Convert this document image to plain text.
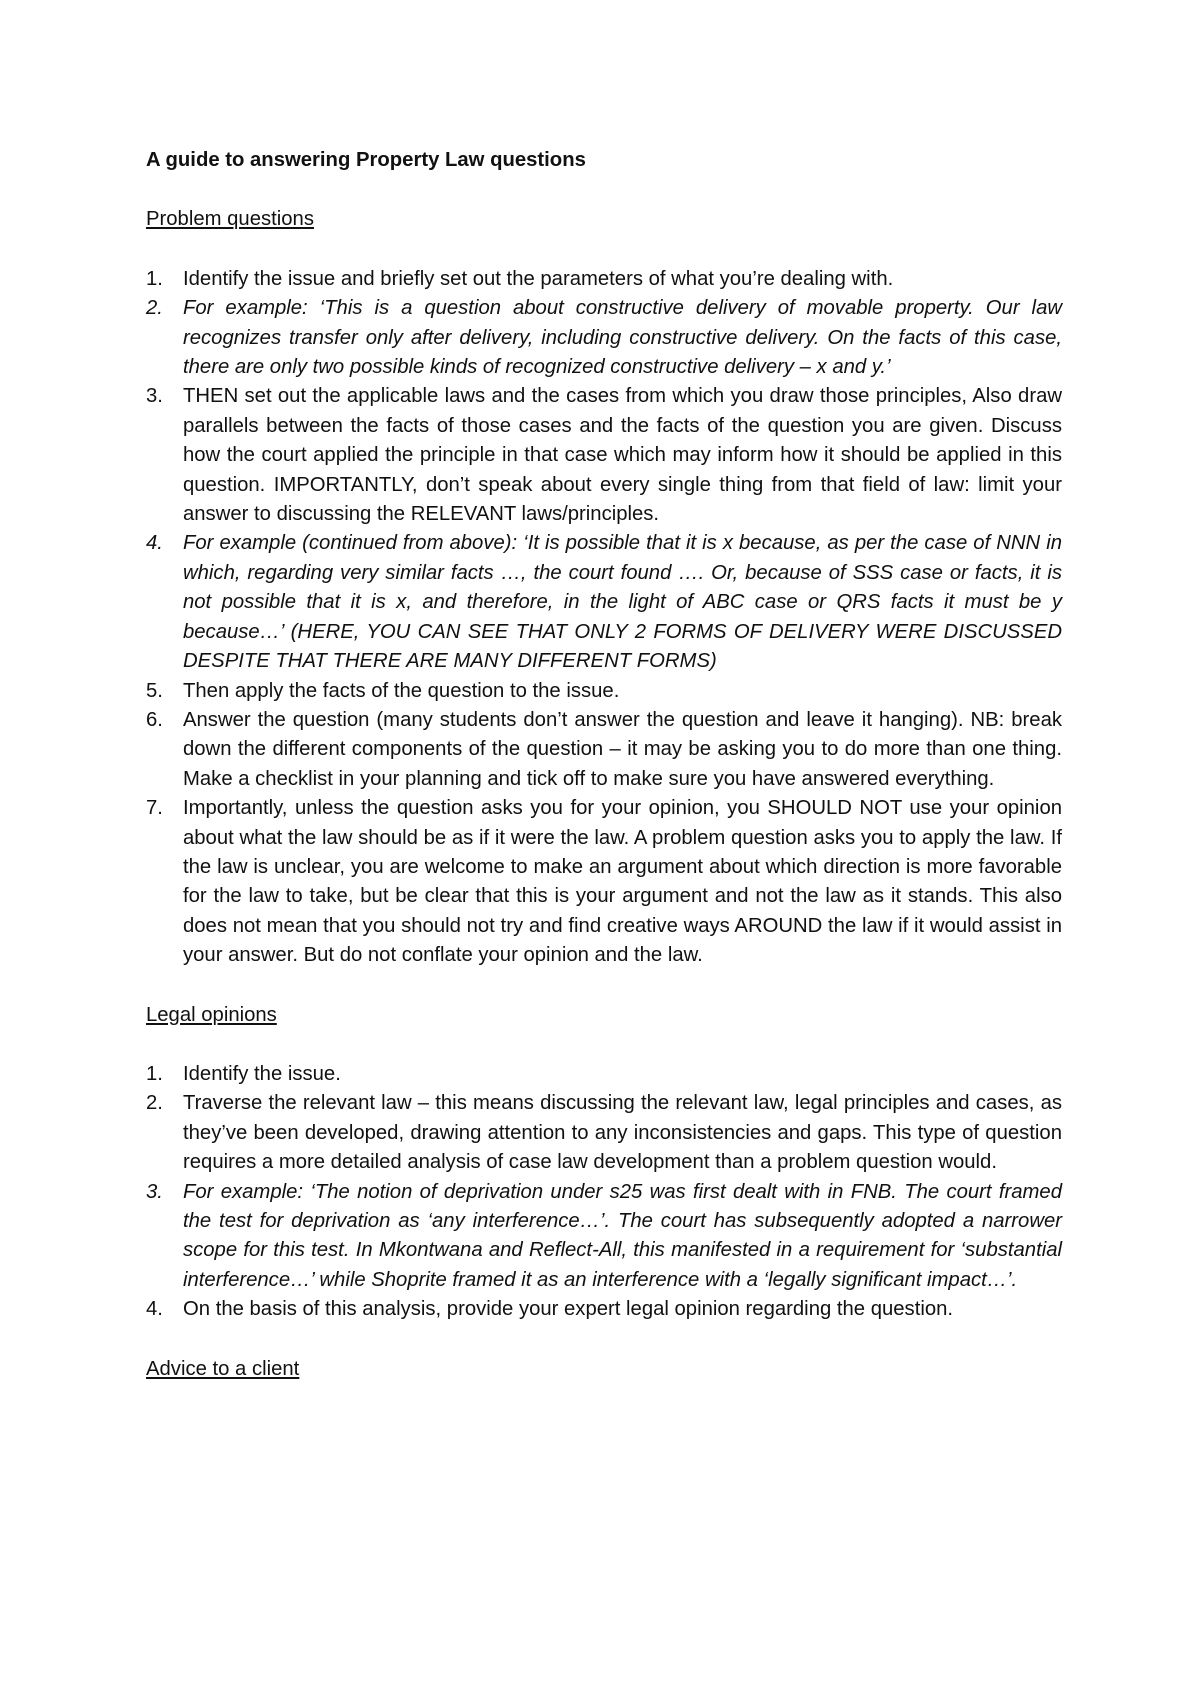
A guide to answering Property Law questions
Problem questions
1. Identify the issue and briefly set out the parameters of what you’re dealing with.
2. For example: ‘This is a question about constructive delivery of movable property. Our law recognizes transfer only after delivery, including constructive delivery. On the facts of this case, there are only two possible kinds of recognized constructive delivery – x and y.’
3. THEN set out the applicable laws and the cases from which you draw those principles, Also draw parallels between the facts of those cases and the facts of the question you are given. Discuss how the court applied the principle in that case which may inform how it should be applied in this question. IMPORTANTLY, don’t speak about every single thing from that field of law: limit your answer to discussing the RELEVANT laws/principles.
4. For example (continued from above): ‘It is possible that it is x because, as per the case of NNN in which, regarding very similar facts …, the court found …. Or, because of SSS case or facts, it is not possible that it is x, and therefore, in the light of ABC case or QRS facts it must be y because…’ (HERE, YOU CAN SEE THAT ONLY 2 FORMS OF DELIVERY WERE DISCUSSED DESPITE THAT THERE ARE MANY DIFFERENT FORMS)
5. Then apply the facts of the question to the issue.
6. Answer the question (many students don’t answer the question and leave it hanging). NB: break down the different components of the question – it may be asking you to do more than one thing. Make a checklist in your planning and tick off to make sure you have answered everything.
7. Importantly, unless the question asks you for your opinion, you SHOULD NOT use your opinion about what the law should be as if it were the law. A problem question asks you to apply the law. If the law is unclear, you are welcome to make an argument about which direction is more favorable for the law to take, but be clear that this is your argument and not the law as it stands. This also does not mean that you should not try and find creative ways AROUND the law if it would assist in your answer. But do not conflate your opinion and the law.
Legal opinions
1. Identify the issue.
2. Traverse the relevant law – this means discussing the relevant law, legal principles and cases, as they’ve been developed, drawing attention to any inconsistencies and gaps. This type of question requires a more detailed analysis of case law development than a problem question would.
3. For example: ‘The notion of deprivation under s25 was first dealt with in FNB. The court framed the test for deprivation as ‘any interference…’. The court has subsequently adopted a narrower scope for this test. In Mkontwana and Reflect-All, this manifested in a requirement for ‘substantial interference…’ while Shoprite framed it as an interference with a ‘legally significant impact…’.
4. On the basis of this analysis, provide your expert legal opinion regarding the question.
Advice to a client
